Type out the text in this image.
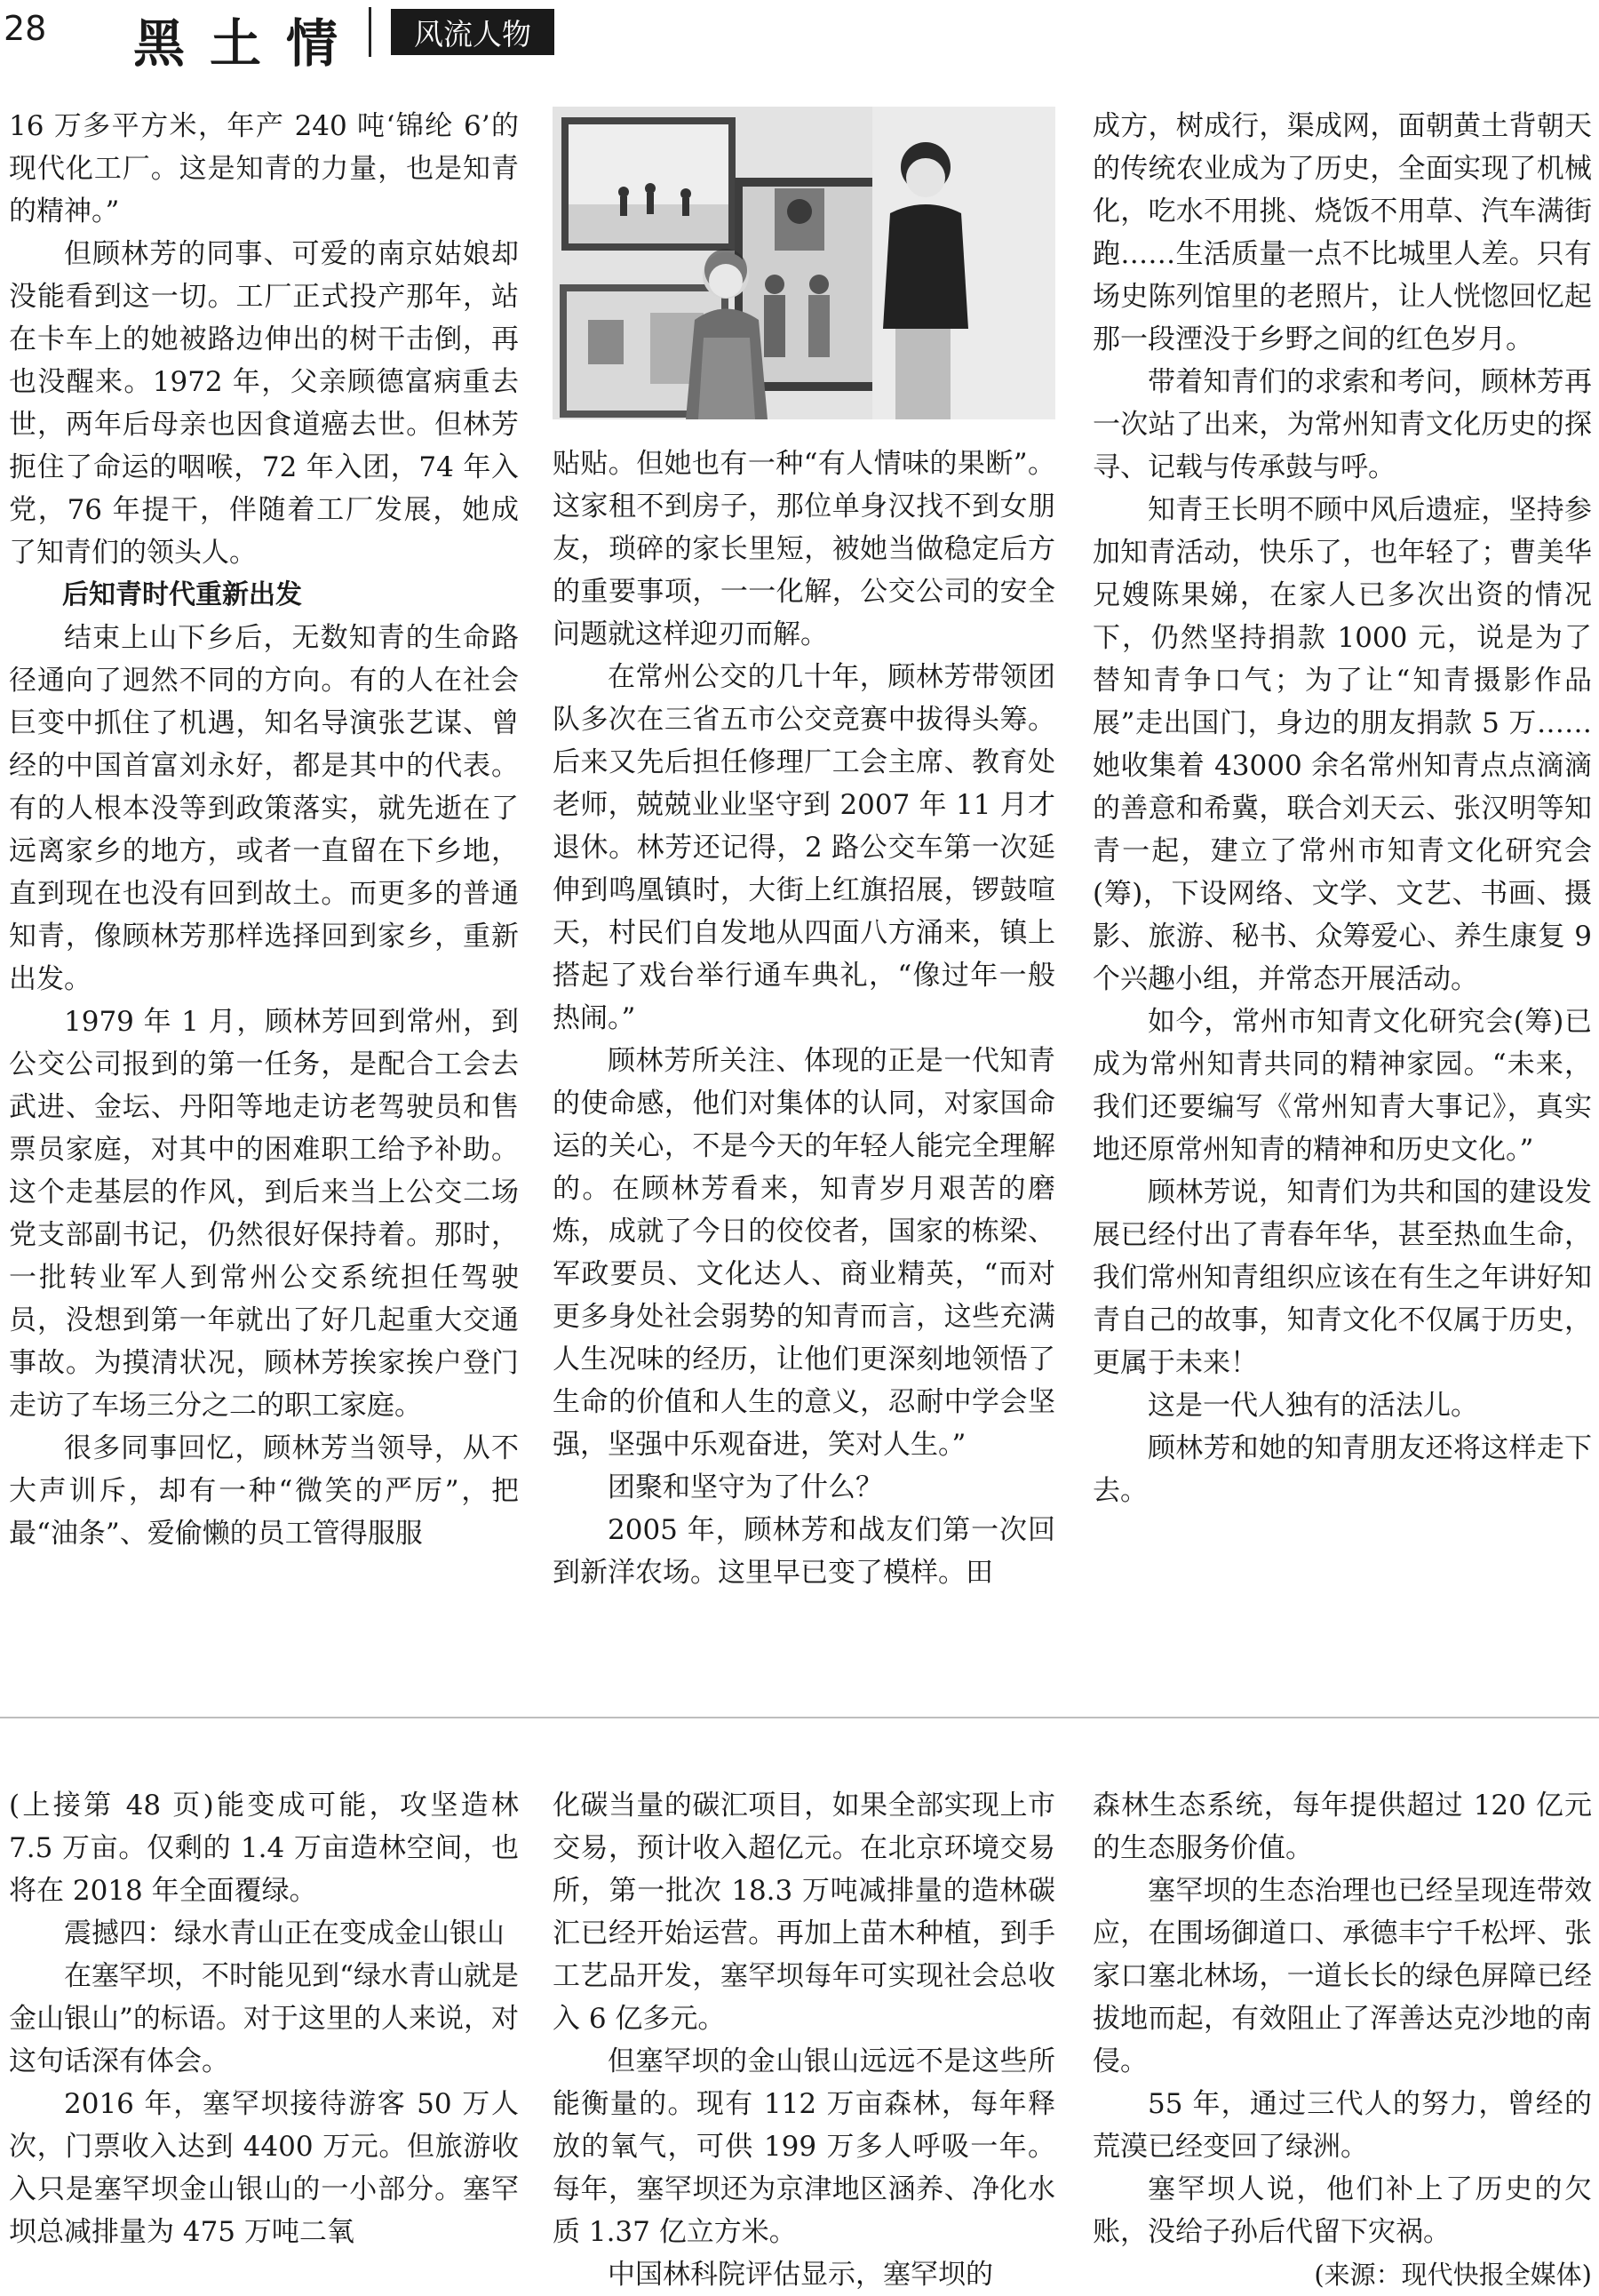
28 黑土情	风流人物

16 万多平方米，年产 240 吨‘锦纶 6’的现代化工厂。这是知青的力量，也是知青的精神。”

但顾林芳的同事、可爱的南京姑娘却没能看到这一切。工厂正式投产那年，站在卡车上的她被路边伸出的树干击倒，再也没醒来。1972 年，父亲顾德富病重去世，两年后母亲也因食道癌去世。但林芳扼住了命运的咽喉，72 年入团，74 年入党，76 年提干，伴随着工厂发展，她成了知青们的领头人。

后知青时代重新出发

结束上山下乡后，无数知青的生命路径通向了迥然不同的方向。有的人在社会巨变中抓住了机遇，知名导演张艺谋、曾经的中国首富刘永好，都是其中的代表。有的人根本没等到政策落实，就先逝在了远离家乡的地方，或者一直留在下乡地，直到现在也没有回到故土。而更多的普通知青，像顾林芳那样选择回到家乡，重新出发。

1979 年 1 月，顾林芳回到常州，到公交公司报到的第一任务，是配合工会去武进、金坛、丹阳等地走访老驾驶员和售票员家庭，对其中的困难职工给予补助。这个走基层的作风，到后来当上公交二场党支部副书记，仍然很好保持着。那时，一批转业军人到常州公交系统担任驾驶员，没想到第一年就出了好几起重大交通事故。为摸清状况，顾林芳挨家挨户登门走访了车场三分之二的职工家庭。

很多同事回忆，顾林芳当领导，从不大声训斥，却有一种“微笑的严厉”，把最“油条”、爱偷懒的员工管得服服

贴贴。但她也有一种“有人情味的果断”。这家租不到房子，那位单身汉找不到女朋友，琐碎的家长里短，被她当做稳定后方的重要事项，一一化解，公交公司的安全问题就这样迎刃而解。

在常州公交的几十年，顾林芳带领团队多次在三省五市公交竞赛中拔得头筹。后来又先后担任修理厂工会主席、教育处老师，兢兢业业坚守到 2007 年 11 月才退休。林芳还记得，2 路公交车第一次延伸到鸣凰镇时，大街上红旗招展，锣鼓喧天，村民们自发地从四面八方涌来，镇上搭起了戏台举行通车典礼，“像过年一般热闹。”

顾林芳所关注、体现的正是一代知青的使命感，他们对集体的认同，对家国命运的关心，不是今天的年轻人能完全理解的。在顾林芳看来，知青岁月艰苦的磨炼，成就了今日的佼佼者，国家的栋梁、军政要员、文化达人、商业精英，“而对更多身处社会弱势的知青而言，这些充满人生况味的经历，让他们更深刻地领悟了生命的价值和人生的意义，忍耐中学会坚强，坚强中乐观奋进，笑对人生。”

团聚和坚守为了什么？

2005 年，顾林芳和战友们第一次回到新洋农场。这里早已变了模样。田

成方，树成行，渠成网，面朝黄土背朝天的传统农业成为了历史，全面实现了机械化，吃水不用挑、烧饭不用草、汽车满街跑……生活质量一点不比城里人差。只有场史陈列馆里的老照片，让人恍惚回忆起那一段湮没于乡野之间的红色岁月。

带着知青们的求索和考问，顾林芳再一次站了出来，为常州知青文化历史的探寻、记载与传承鼓与呼。

知青王长明不顾中风后遗症，坚持参加知青活动，快乐了，也年轻了；曹美华兄嫂陈果娣，在家人已多次出资的情况下，仍然坚持捐款 1000 元，说是为了替知青争口气；为了让“知青摄影作品展”走出国门，身边的朋友捐款 5 万……她收集着 43000 余名常州知青点点滴滴的善意和希冀，联合刘天云、张汉明等知青一起，建立了常州市知青文化研究会(筹)，下设网络、文学、文艺、书画、摄影、旅游、秘书、众筹爱心、养生康复 9 个兴趣小组，并常态开展活动。

如今，常州市知青文化研究会(筹)已成为常州知青共同的精神家园。“未来，我们还要编写《常州知青大事记》，真实地还原常州知青的精神和历史文化。”

顾林芳说，知青们为共和国的建设发展已经付出了青春年华，甚至热血生命，我们常州知青组织应该在有生之年讲好知青自己的故事，知青文化不仅属于历史，更属于未来！

这是一代人独有的活法儿。

顾林芳和她的知青朋友还将这样走下去。

(上接第 48 页)能变成可能，攻坚造林 7.5 万亩。仅剩的 1.4 万亩造林空间，也将在 2018 年全面覆绿。

震撼四：绿水青山正在变成金山银山

在塞罕坝，不时能见到“绿水青山就是金山银山”的标语。对于这里的人来说，对这句话深有体会。

2016 年，塞罕坝接待游客 50 万人次，门票收入达到 4400 万元。但旅游收入只是塞罕坝金山银山的一小部分。塞罕坝总减排量为 475 万吨二氧

化碳当量的碳汇项目，如果全部实现上市交易，预计收入超亿元。在北京环境交易所，第一批次 18.3 万吨减排量的造林碳汇已经开始运营。再加上苗木种植，到手工艺品开发，塞罕坝每年可实现社会总收入 6 亿多元。

但塞罕坝的金山银山远远不是这些所能衡量的。现有 112 万亩森林，每年释放的氧气，可供 199 万多人呼吸一年。每年，塞罕坝还为京津地区涵养、净化水质 1.37 亿立方米。

中国林科院评估显示，塞罕坝的

森林生态系统，每年提供超过 120 亿元的生态服务价值。

塞罕坝的生态治理也已经呈现连带效应，在围场御道口、承德丰宁千松坪、张家口塞北林场，一道长长的绿色屏障已经拔地而起，有效阻止了浑善达克沙地的南侵。

55 年，通过三代人的努力，曾经的荒漠已经变回了绿洲。

塞罕坝人说，他们补上了历史的欠账，没给子孙后代留下灾祸。

(来源：现代快报全媒体)
